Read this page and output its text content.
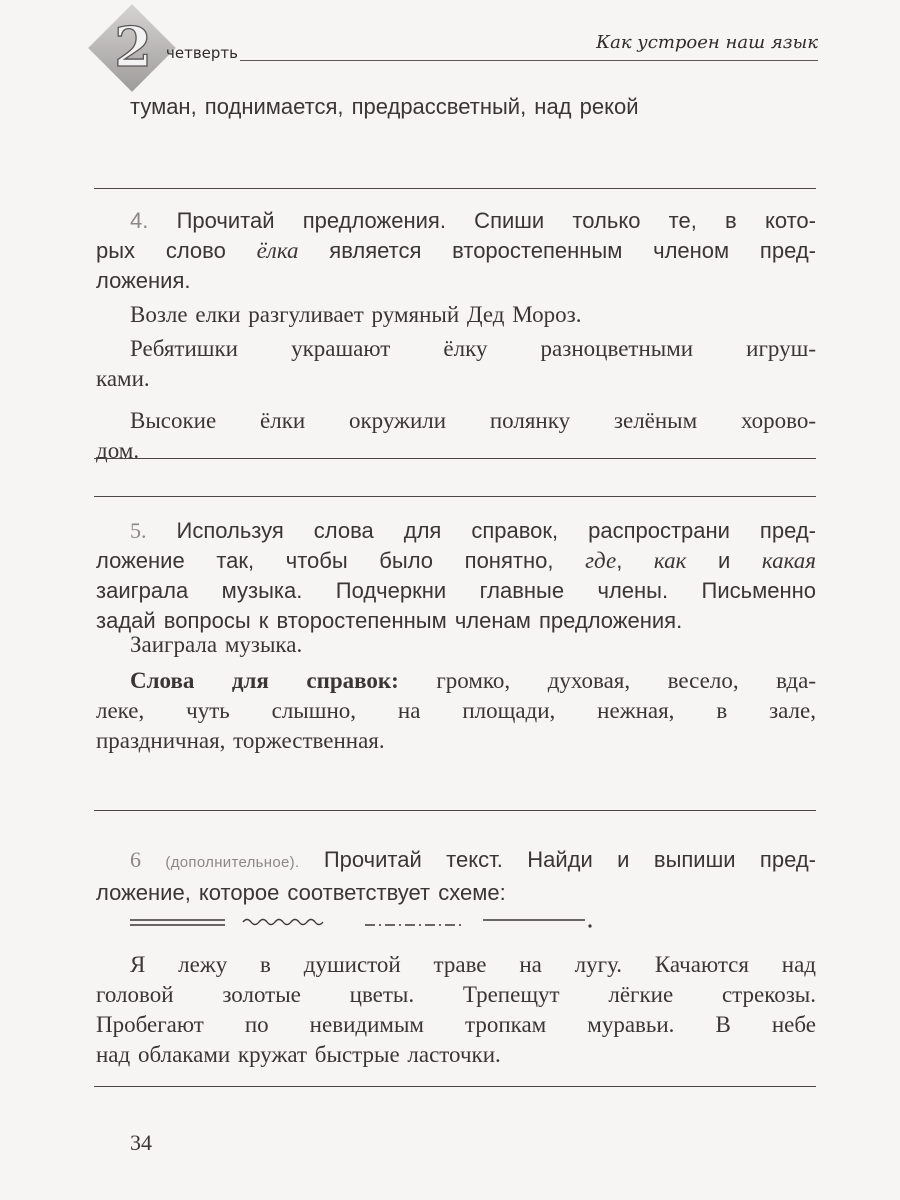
2 четверть	Как устроен наш язык
туман, поднимается, предрассветный, над рекой
4. Прочитай предложения. Спиши только те, в кото-
рых слово ёлка является второстепенным членом пред-
ложения.
Возле елки разгуливает румяный Дед Мороз.
Ребятишки украшают ёлку разноцветными игруш-
ками.
Высокие ёлки окружили полянку зелёным хорово-
дом.
5. Используя слова для справок, распространи пред-
ложение так, чтобы было понятно, где, как и какая
заиграла музыка. Подчеркни главные члены. Письменно
задай вопросы к второстепенным членам предложения.
Заиграла музыка.
Слова для справок: громко, духовая, весело, вда-
леке, чуть слышно, на площади, нежная, в зале,
праздничная, торжественная.
6 (дополнительное). Прочитай текст. Найди и выпиши пред-
ложение, которое соответствует схеме:
Я лежу в душистой траве на лугу. Качаются над
головой золотые цветы. Трепещут лёгкие стрекозы.
Пробегают по невидимым тропкам муравьи. В небе
над облаками кружат быстрые ласточки.
34
